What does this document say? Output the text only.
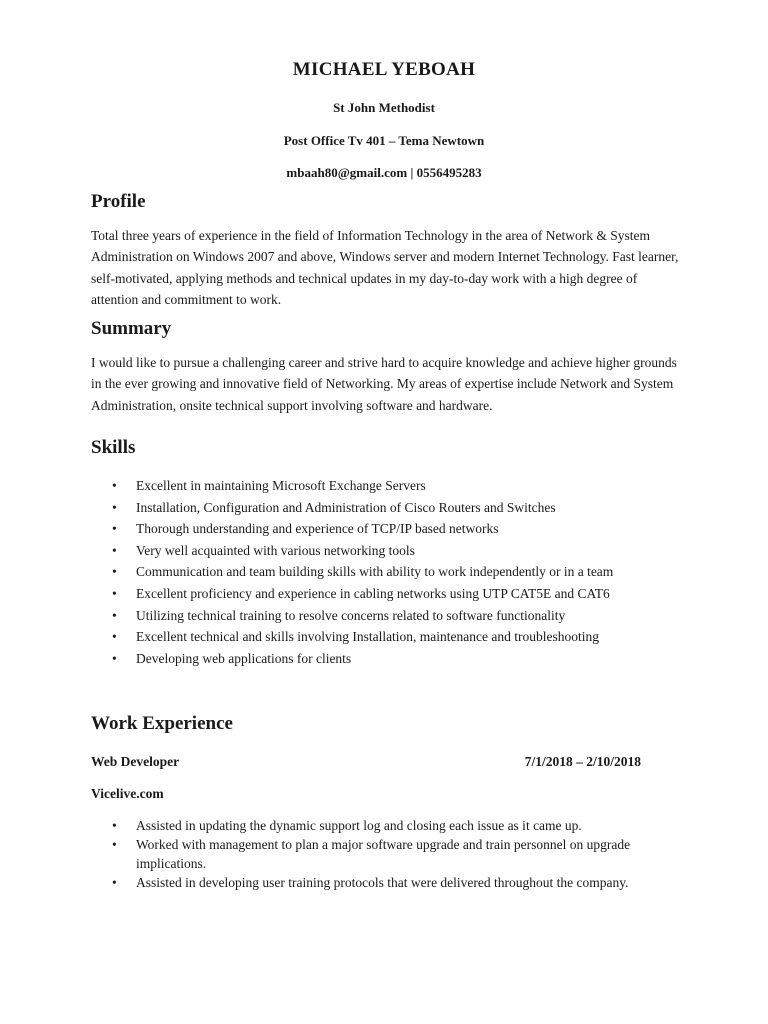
MICHAEL YEBOAH
St John Methodist
Post Office Tv 401 – Tema Newtown
mbaah80@gmail.com | 0556495283
Profile

Total three years of experience in the field of Information Technology in the area of Network & System Administration on Windows 2007 and above, Windows server and modern Internet Technology. Fast learner, self-motivated, applying methods and technical updates in my day-to-day work with a high degree of attention and commitment to work.

Summary

I would like to pursue a challenging career and strive hard to acquire knowledge and achieve higher grounds in the ever growing and innovative field of Networking. My areas of expertise include Network and System Administration, onsite technical support involving software and hardware.

Skills
• Excellent in maintaining Microsoft Exchange Servers
• Installation, Configuration and Administration of Cisco Routers and Switches
• Thorough understanding and experience of TCP/IP based networks
• Very well acquainted with various networking tools
• Communication and team building skills with ability to work independently or in a team
• Excellent proficiency and experience in cabling networks using UTP CAT5E and CAT6
• Utilizing technical training to resolve concerns related to software functionality
• Excellent technical and skills involving Installation, maintenance and troubleshooting
• Developing web applications for clients
Work Experience
Web Developer	7/1/2018 – 2/10/2018
Vicelive.com
• Assisted in updating the dynamic support log and closing each issue as it came up.
• Worked with management to plan a major software upgrade and train personnel on upgrade implications.
• Assisted in developing user training protocols that were delivered throughout the company.
